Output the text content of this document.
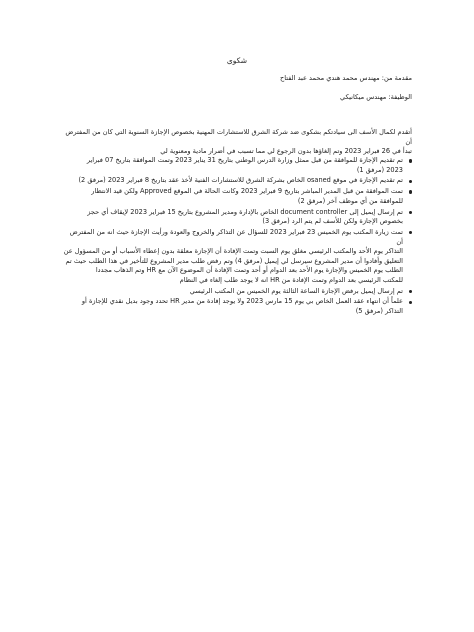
شكوى
مقدمة من: مهندس محمد هندي محمد عبد الفتاح
الوظيفة: مهندس ميكانيكي

أتقدم لكمال الأسف الى سيادتكم بشكوى ضد شركة الشرق للاستشارات المهنية بخصوص الإجازة السنوية التي كان من المفترض أن

تبدأ في 26 فبراير 2023 وتم إلغاؤها بدون الرجوع لي مما تسبب في أضرار مادية ومعنوية لي

تم تقديم الإجازة للموافقة من قبل ممثل وزارة الدرس الوطني بتاريخ 31 يناير 2023 وتمت الموافقة بتاريخ 07 فبراير

2023 (مرفق 1)

تم تقديم الإجازة في موقع osaned الخاص بشركة الشرق للاستشارات الفنية لأخذ عقد بتاريخ 8 فبراير 2023 (مرفق 2)

تمت الموافقة من قبل المدير المباشر بتاريخ 9 فبراير 2023 وكانت الحالة في الموقع Approved ولكن قيد الانتظار

للموافقة من أي موظف آخر (مرفق 2)

تم إرسال إيميل إلى document controller الخاص بالإدارة ومدير المشروع بتاريخ 15 فبراير 2023 لإيقاف أي حجز

بخصوص الإجازة ولكن للأسف لم يتم الرد (مرفق 3)

تمت زيارة المكتب يوم الخميس 23 فبراير 2023 للسؤال عن التذاكر والخروج والعودة ورأيت الإجازة حيث انه من المفترض أن

التذاكر يوم الأحد والمكتب الرئيسي مغلق يوم السبت وتمت الإفادة أن الإجازة معلقة بدون إعطاء الأسباب أو من المسؤول عن

التعليق وأفادوا أن مدير المشروع سيرسل لي إيميل (مرفق 4) وتم رفض طلب مدير المشروع للتأخير في هذا الطلب حيث تم

الطلب يوم الخميس والإجازة يوم الأحد بعد الدوام أو أحد وتمت الإفادة أن الموضوع الآن مع HR وتم الذهاب مجددا

للمكتب الرئيسي بعد الدوام وتمت الإفادة من HR انه لا يوجد طلب إلغاء في النظام

تم إرسال إيميل برفض الإجازة الساعة الثالثة يوم الخميس من المكتب الرئيسي

علماً أن انتهاء عقد العمل الخاص بي يوم 15 مارس 2023 ولا يوجد إفادة من مدير HR تحدد وجود بديل نقدي للإجازة أو

التذاكر (مرفق 5)
